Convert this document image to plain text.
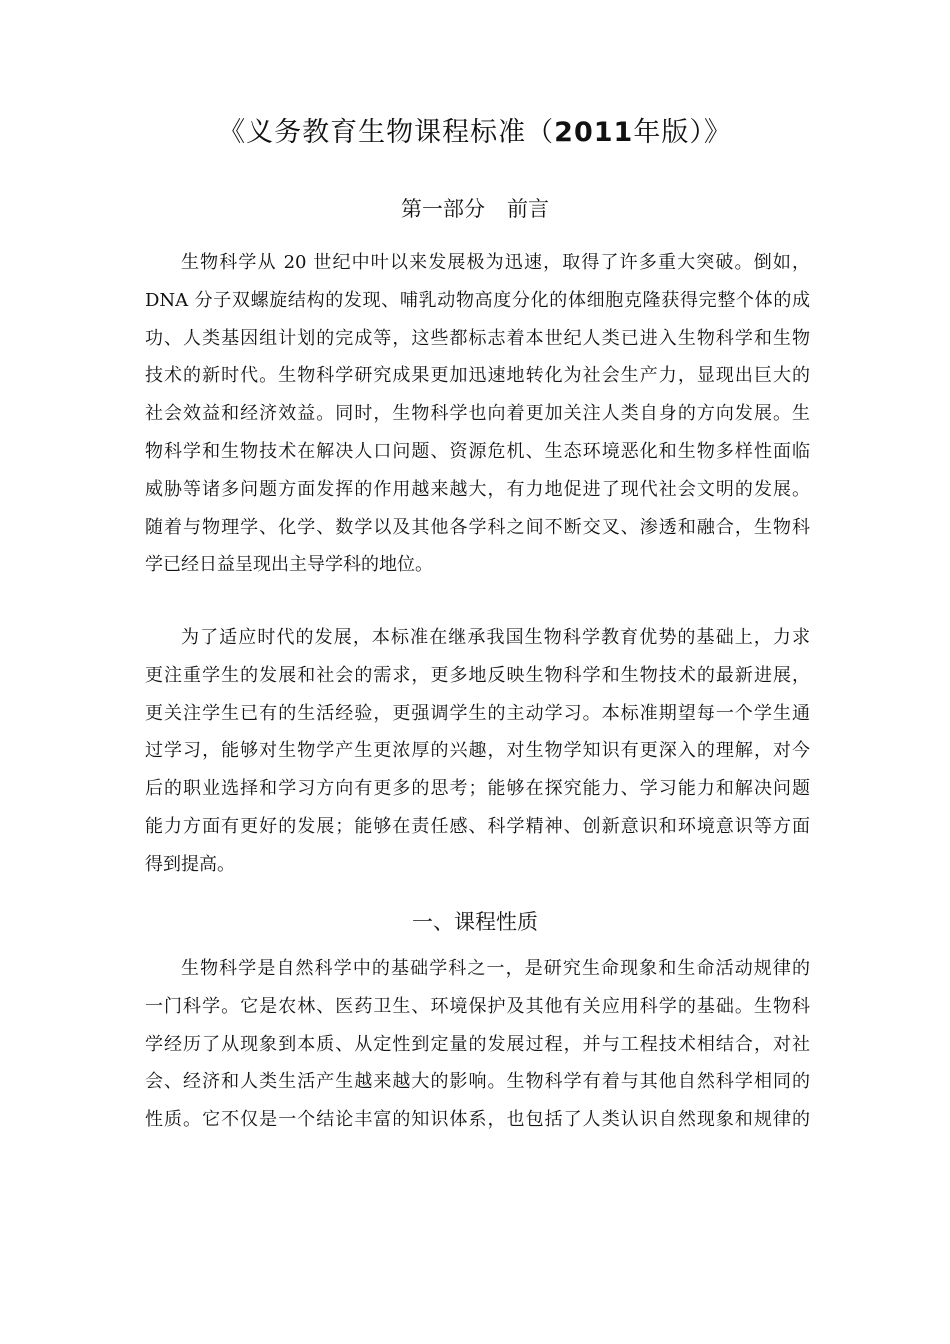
《义务教育生物课程标准（2011年版）》
第一部分 前言
生物科学从 20 世纪中叶以来发展极为迅速，取得了许多重大突破。倒如，
DNA 分子双螺旋结构的发现、哺乳动物高度分化的体细胞克隆获得完整个体的成
功、人类基因组计划的完成等，这些都标志着本世纪人类已进入生物科学和生物
技术的新时代。生物科学研究成果更加迅速地转化为社会生产力，显现出巨大的
社会效益和经济效益。同时，生物科学也向着更加关注人类自身的方向发展。生
物科学和生物技术在解决人口问题、资源危机、生态环境恶化和生物多样性面临
威胁等诸多问题方面发挥的作用越来越大，有力地促进了现代社会文明的发展。
随着与物理学、化学、数学以及其他各学科之间不断交叉、渗透和融合，生物科
学已经日益呈现出主导学科的地位。
为了适应时代的发展，本标准在继承我国生物科学教育优势的基础上，力求
更注重学生的发展和社会的需求，更多地反映生物科学和生物技术的最新进展，
更关注学生已有的生活经验，更强调学生的主动学习。本标准期望每一个学生通
过学习，能够对生物学产生更浓厚的兴趣，对生物学知识有更深入的理解，对今
后的职业选择和学习方向有更多的思考；能够在探究能力、学习能力和解决问题
能力方面有更好的发展；能够在责任感、科学精神、创新意识和环境意识等方面
得到提高。
一、课程性质
生物科学是自然科学中的基础学科之一，是研究生命现象和生命活动规律的
一门科学。它是农林、医药卫生、环境保护及其他有关应用科学的基础。生物科
学经历了从现象到本质、从定性到定量的发展过程，并与工程技术相结合，对社
会、经济和人类生活产生越来越大的影响。生物科学有着与其他自然科学相同的
性质。它不仅是一个结论丰富的知识体系，也包括了人类认识自然现象和规律的
